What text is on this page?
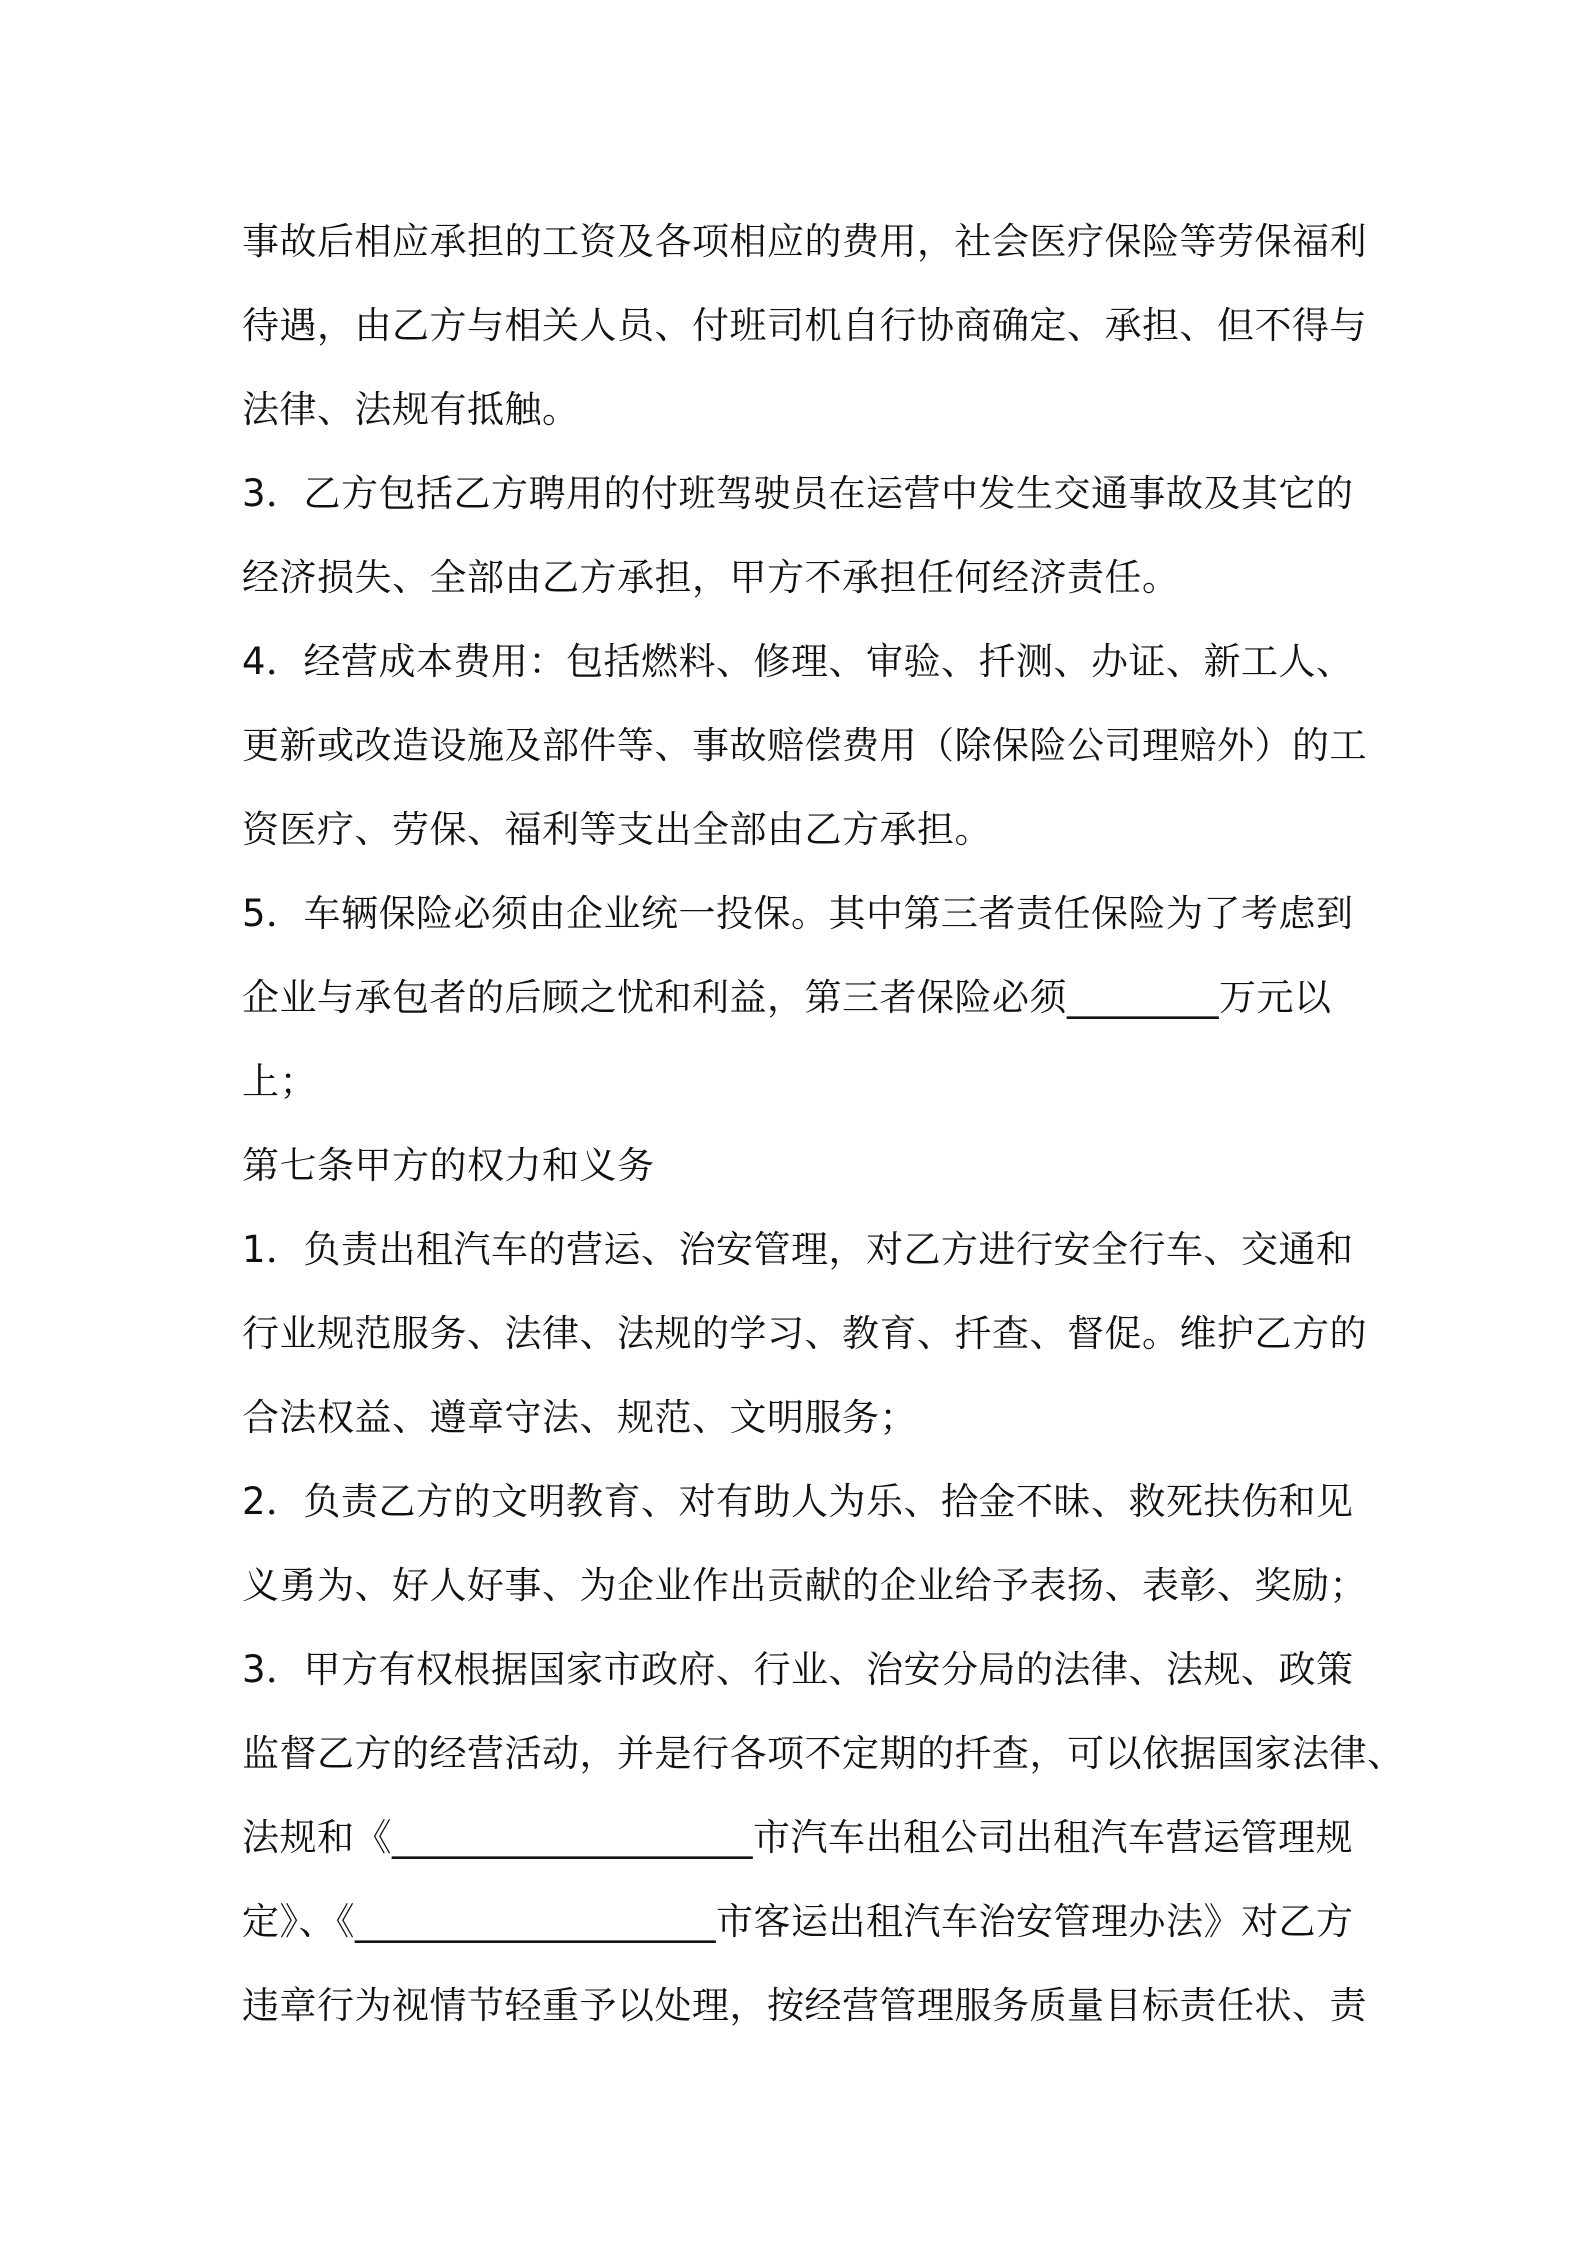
事故后相应承担的工资及各项相应的费用，社会医疗保险等劳保福利
待遇，由乙方与相关人员、付班司机自行协商确定、承担、但不得与
法律、法规有抵触。
3．乙方包括乙方聘用的付班驾驶员在运营中发生交通事故及其它的
经济损失、全部由乙方承担，甲方不承担任何经济责任。
4．经营成本费用：包括燃料、修理、审验、扦测、办证、新工人、
更新或改造设施及部件等、事故赔偿费用（除保险公司理赔外）的工
资医疗、劳保、福利等支出全部由乙方承担。
5．车辆保险必须由企业统一投保。其中第三者责任保险为了考虑到
企业与承包者的后顾之忧和利益，第三者保险必须________万元以
上；
第七条甲方的权力和义务
1．负责出租汽车的营运、治安管理，对乙方进行安全行车、交通和
行业规范服务、法律、法规的学习、教育、扦查、督促。维护乙方的
合法权益、遵章守法、规范、文明服务；
2．负责乙方的文明教育、对有助人为乐、拾金不昧、救死扶伤和见
义勇为、好人好事、为企业作出贡献的企业给予表扬、表彰、奖励；
3．甲方有权根据国家市政府、行业、治安分局的法律、法规、政策
监督乙方的经营活动，并是行各项不定期的扦查，可以依据国家法律、
法规和《___________________市汽车出租公司出租汽车营运管理规
定》、《___________________市客运出租汽车治安管理办法》对乙方
违章行为视情节轻重予以处理，按经营管理服务质量目标责任状、责
